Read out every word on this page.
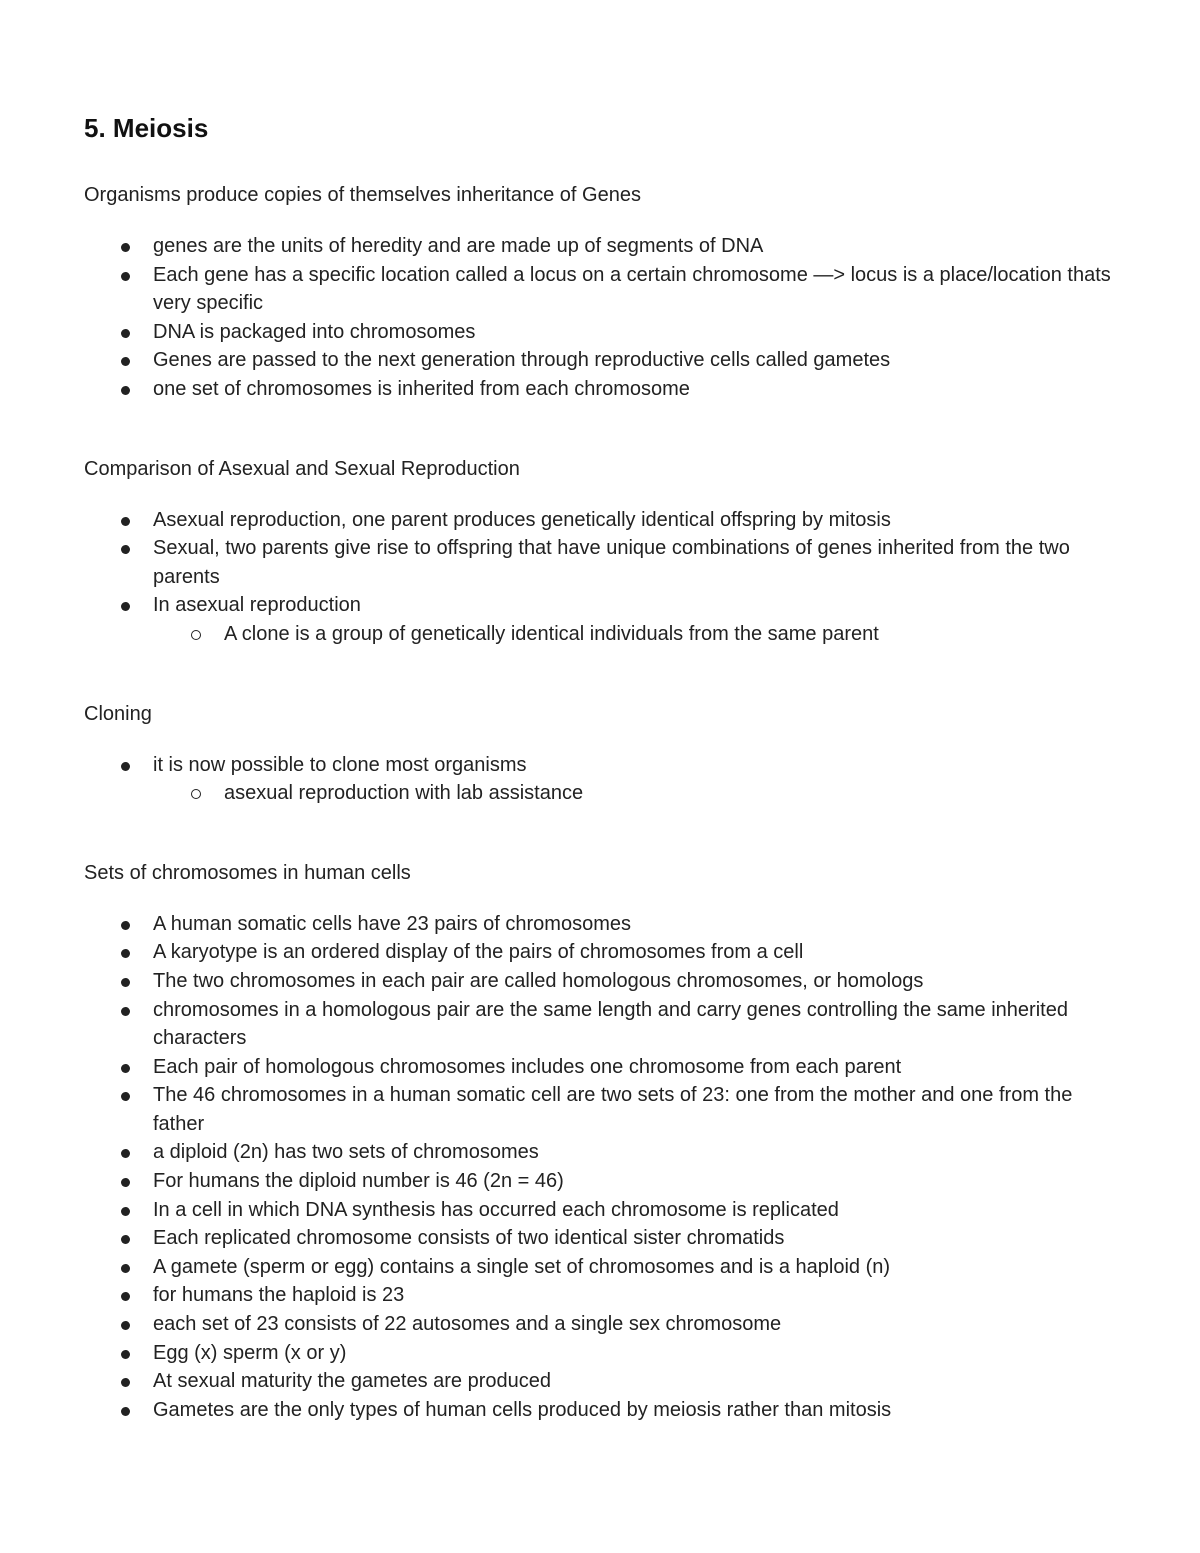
5. Meiosis

Organisms produce copies of themselves inheritance of Genes

genes are the units of heredity and are made up of segments of DNA
Each gene has a specific location called a locus on a certain chromosome —> locus is a place/location thats very specific
DNA is packaged into chromosomes
Genes are passed to the next generation through reproductive cells called gametes
one set of chromosomes is inherited from each chromosome

Comparison of Asexual and Sexual Reproduction

Asexual reproduction, one parent produces genetically identical offspring by mitosis
Sexual, two parents give rise to offspring that have unique combinations of genes inherited from the two parents
In asexual reproduction
A clone is a group of genetically identical individuals from the same parent

Cloning

it is now possible to clone most organisms
asexual reproduction with lab assistance

Sets of chromosomes in human cells

A human somatic cells have 23 pairs of chromosomes
A karyotype is an ordered display of the pairs of chromosomes from a cell
The two chromosomes in each pair are called homologous chromosomes, or homologs
chromosomes in a homologous pair are the same length and carry genes controlling the same inherited characters
Each pair of homologous chromosomes includes one chromosome from each parent
The 46 chromosomes in a human somatic cell are two sets of 23: one from the mother and one from the father
a diploid (2n) has two sets of chromosomes
For humans the diploid number is 46 (2n = 46)
In a cell in which DNA synthesis has occurred each chromosome is replicated
Each replicated chromosome consists of two identical sister chromatids
A gamete (sperm or egg) contains a single set of chromosomes and is a haploid (n)
for humans the haploid is 23
each set of 23 consists of 22 autosomes and a single sex chromosome
Egg (x) sperm (x or y)
At sexual maturity the gametes are produced
Gametes are the only types of human cells produced by meiosis rather than mitosis
